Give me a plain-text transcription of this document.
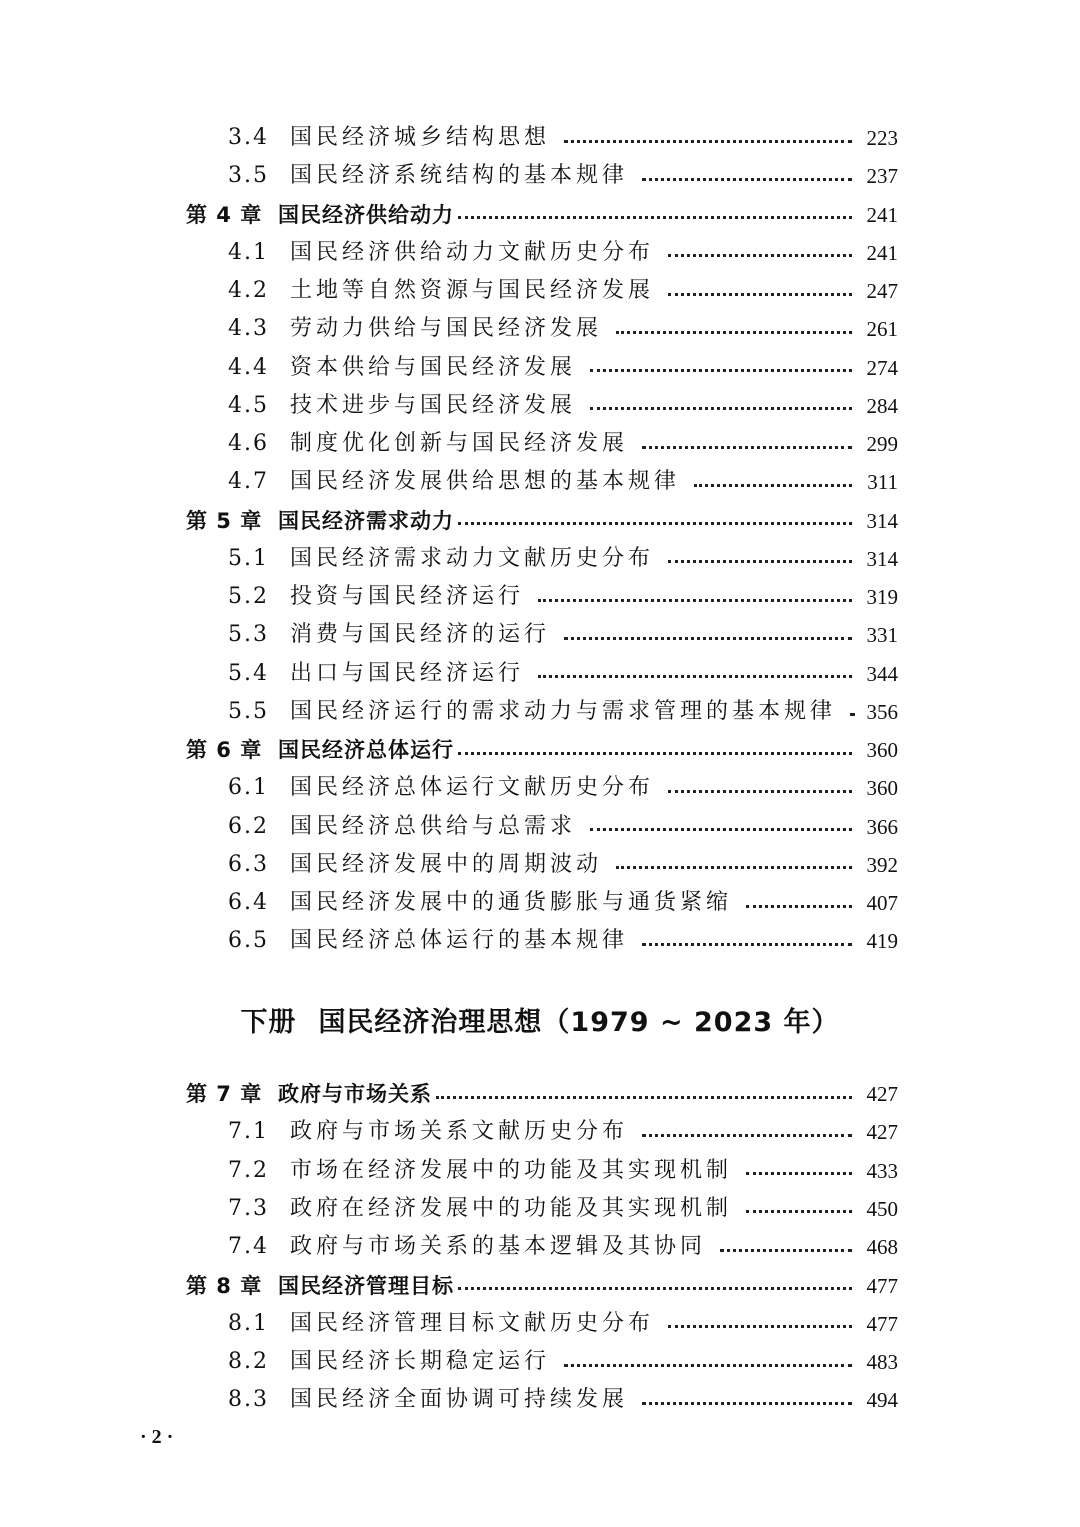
3.4 国民经济城乡结构思想	223
3.5 国民经济系统结构的基本规律	237
第 4 章 国民经济供给动力	241
4.1 国民经济供给动力文献历史分布	241
4.2 土地等自然资源与国民经济发展	247
4.3 劳动力供给与国民经济发展	261
4.4 资本供给与国民经济发展	274
4.5 技术进步与国民经济发展	284
4.6 制度优化创新与国民经济发展	299
4.7 国民经济发展供给思想的基本规律	311
第 5 章 国民经济需求动力	314
5.1 国民经济需求动力文献历史分布	314
5.2 投资与国民经济运行	319
5.3 消费与国民经济的运行	331
5.4 出口与国民经济运行	344
5.5 国民经济运行的需求动力与需求管理的基本规律	356
第 6 章 国民经济总体运行	360
6.1 国民经济总体运行文献历史分布	360
6.2 国民经济总供给与总需求	366
6.3 国民经济发展中的周期波动	392
6.4 国民经济发展中的通货膨胀与通货紧缩	407
6.5 国民经济总体运行的基本规律	419
下册 国民经济治理思想（1979 ~ 2023 年）
第 7 章 政府与市场关系	427
7.1 政府与市场关系文献历史分布	427
7.2 市场在经济发展中的功能及其实现机制	433
7.3 政府在经济发展中的功能及其实现机制	450
7.4 政府与市场关系的基本逻辑及其协同	468
第 8 章 国民经济管理目标	477
8.1 国民经济管理目标文献历史分布	477
8.2 国民经济长期稳定运行	483
8.3 国民经济全面协调可持续发展	494
· 2 ·
